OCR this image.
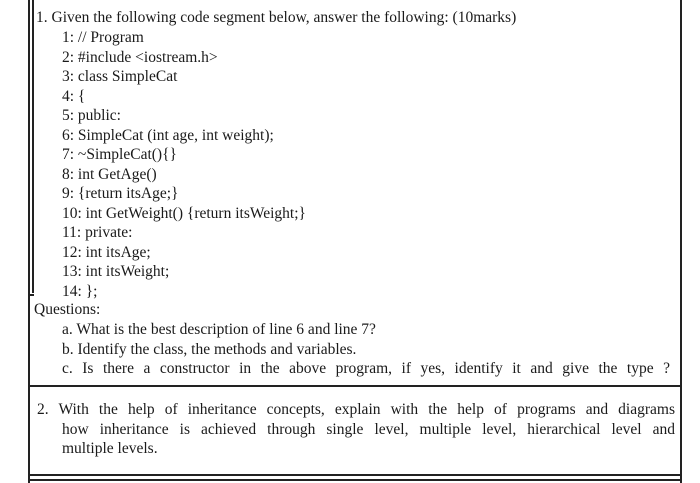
1. Given the following code segment below, answer the following: (10marks)
1: // Program
2: #include <iostream.h>
3: class SimpleCat
4: {
5: public:
6: SimpleCat (int age, int weight);
7: ~SimpleCat(){}
8: int GetAge()
9: {return itsAge;}
10: int GetWeight() {return itsWeight;}
11: private:
12: int itsAge;
13: int itsWeight;
14: };
Questions:
a. What is the best description of line 6 and line 7?
b. Identify the class, the methods and variables.
c. Is there a constructor in the above program, if yes, identify it and give the type ?
2. With the help of inheritance concepts, explain with the help of programs and diagrams
how inheritance is achieved through single level, multiple level, hierarchical level and
multiple levels.
